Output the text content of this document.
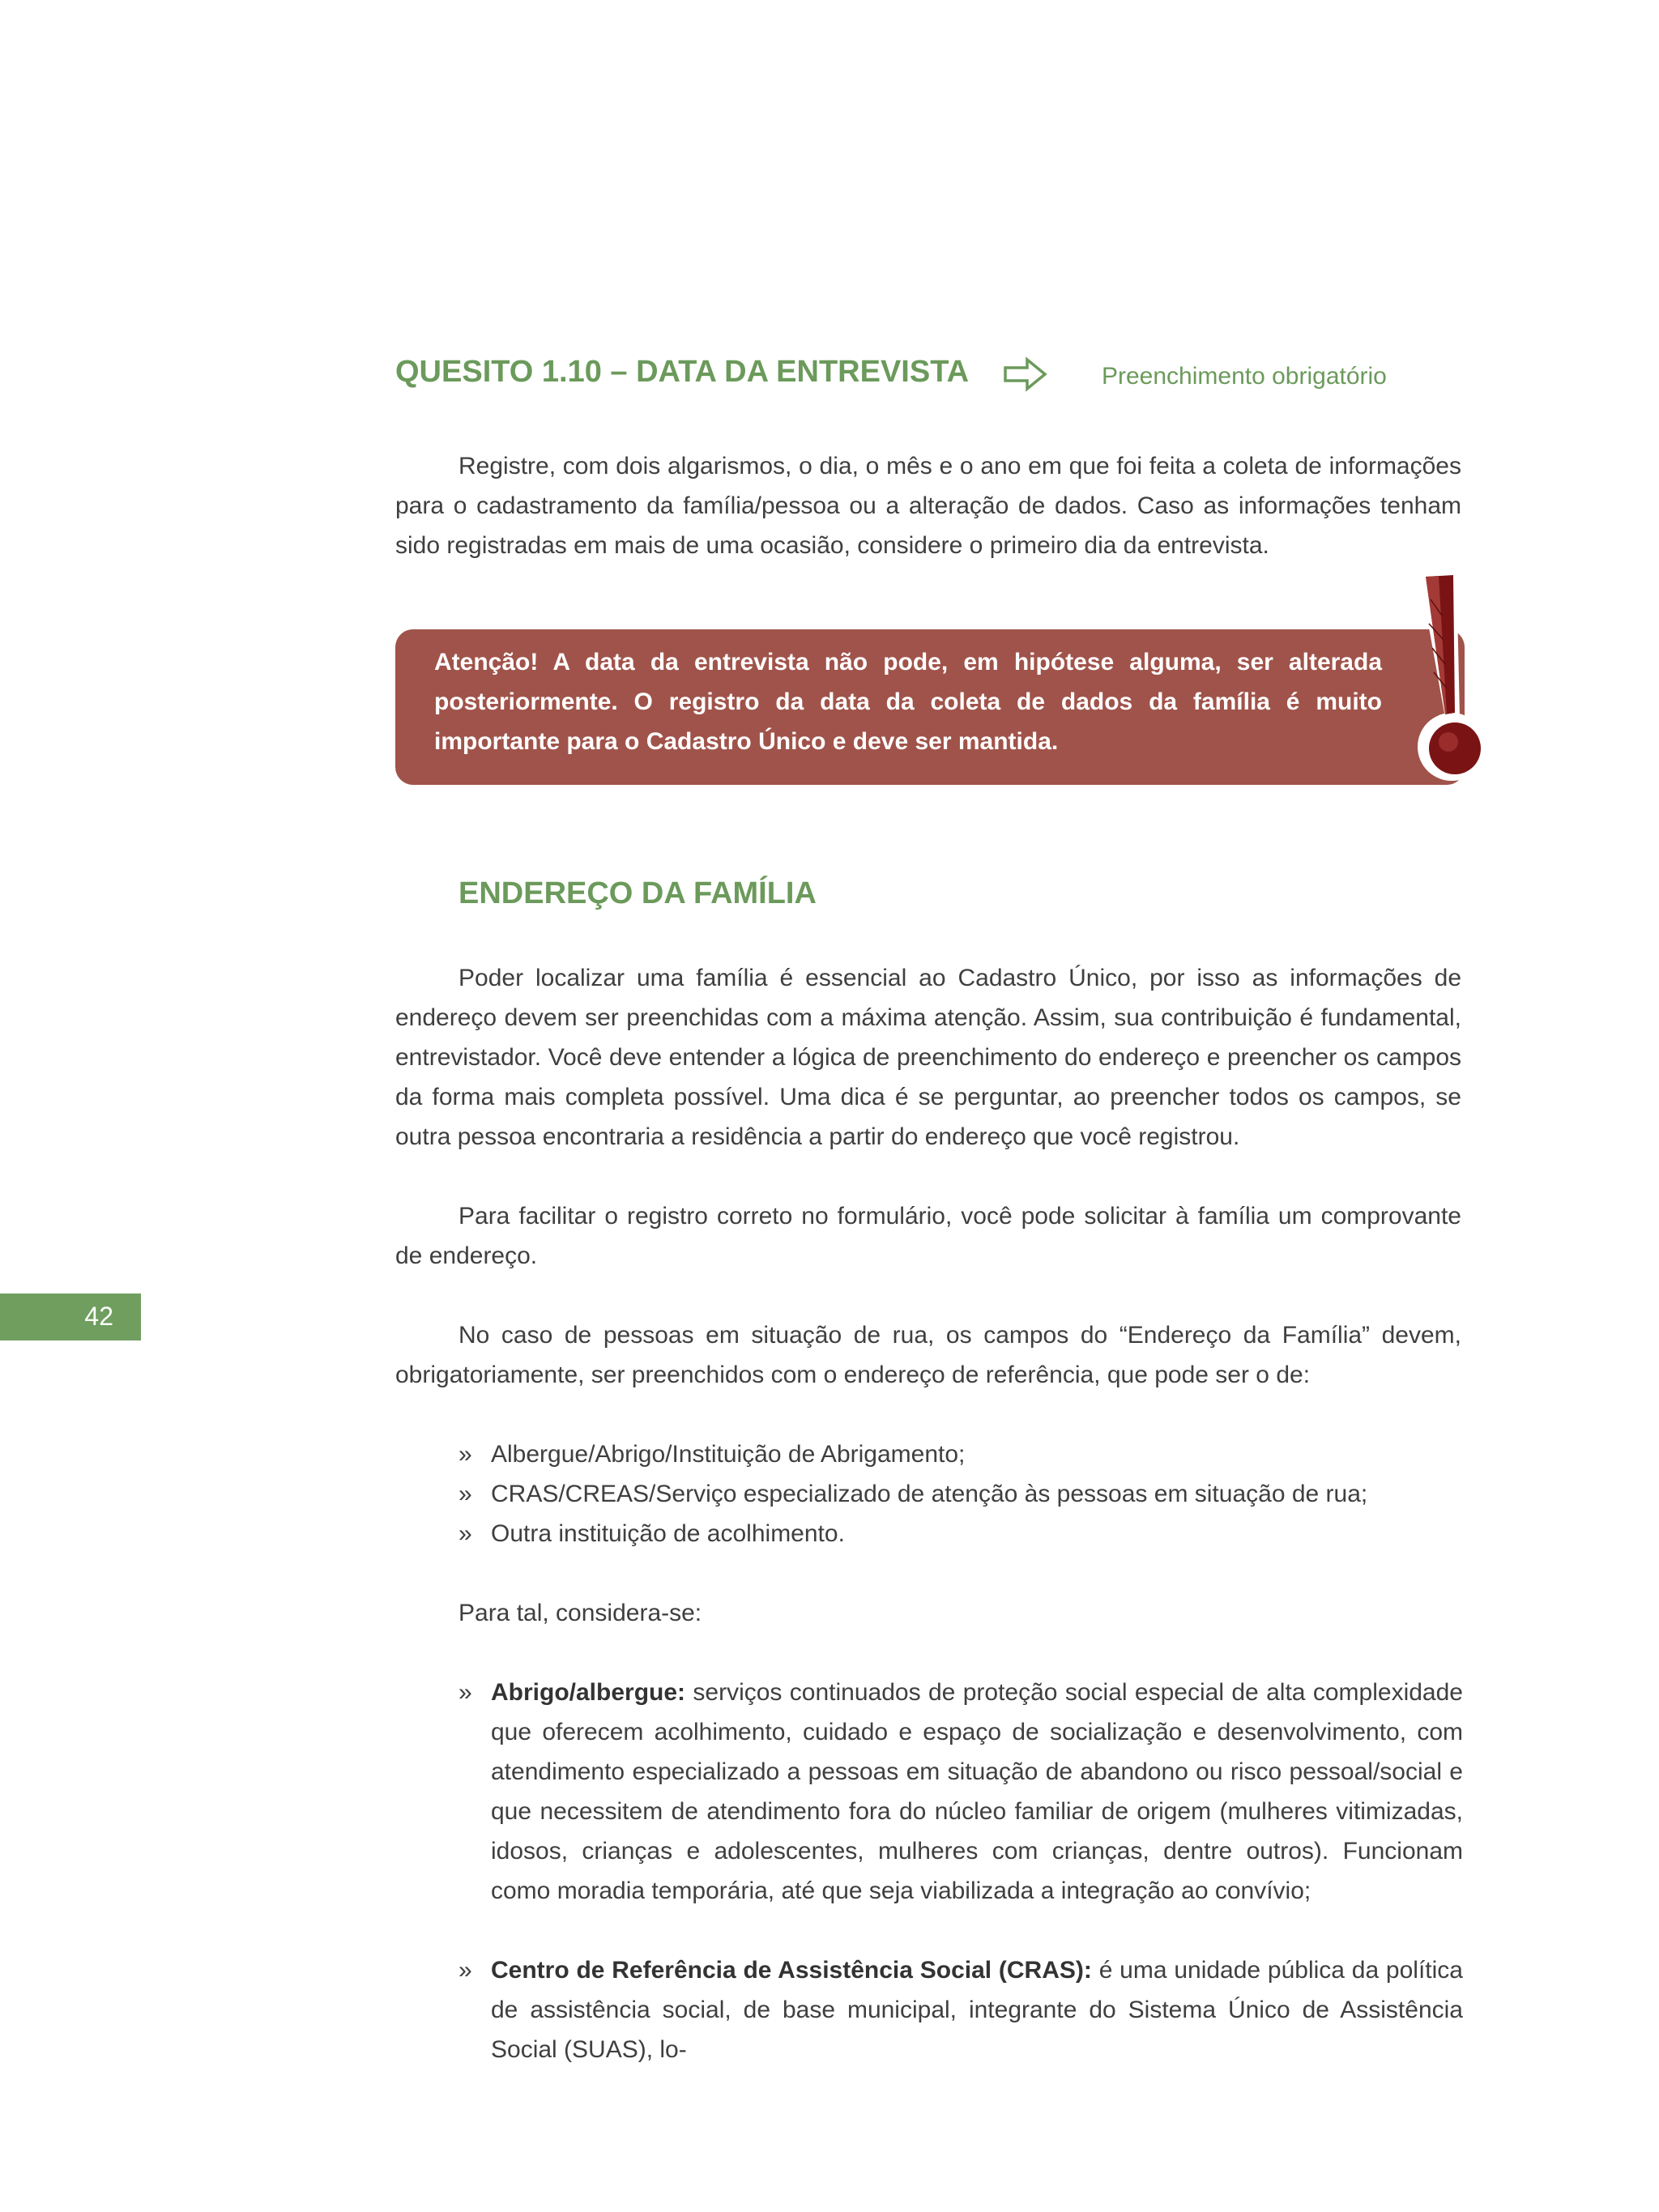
QUESITO 1.10 – DATA DA ENTREVISTA	Preenchimento obrigatório

Registre, com dois algarismos, o dia, o mês e o ano em que foi feita a coleta de informações para o cadastramento da família/pessoa ou a alteração de dados. Caso as informações tenham sido registradas em mais de uma ocasião, considere o primeiro dia da entrevista.

Atenção! A data da entrevista não pode, em hipótese alguma, ser alterada posteriormente. O registro da data da coleta de dados da família é muito importante para o Cadastro Único e deve ser mantida.

ENDEREÇO DA FAMÍLIA

Poder localizar uma família é essencial ao Cadastro Único, por isso as informações de endereço devem ser preenchidas com a máxima atenção. Assim, sua contribuição é fundamental, entrevistador. Você deve entender a lógica de preenchimento do endereço e preencher os campos da forma mais completa possível. Uma dica é se perguntar, ao preencher todos os campos, se outra pessoa encontraria a residência a partir do endereço que você registrou.

Para facilitar o registro correto no formulário, você pode solicitar à família um comprovante de endereço.

42

No caso de pessoas em situação de rua, os campos do “Endereço da Família” devem, obrigatoriamente, ser preenchidos com o endereço de referência, que pode ser o de:

» Albergue/Abrigo/Instituição de Abrigamento;
» CRAS/CREAS/Serviço especializado de atenção às pessoas em situação de rua;
» Outra instituição de acolhimento.

Para tal, considera-se:

» Abrigo/albergue: serviços continuados de proteção social especial de alta complexidade que oferecem acolhimento, cuidado e espaço de socialização e desenvolvimento, com atendimento especializado a pessoas em situação de abandono ou risco pessoal/social e que necessitem de atendimento fora do núcleo familiar de origem (mulheres vitimizadas, idosos, crianças e adolescentes, mulheres com crianças, dentre outros). Funcionam como moradia temporária, até que seja viabilizada a integração ao convívio;
» Centro de Referência de Assistência Social (CRAS): é uma unidade pública da política de assistência social, de base municipal, integrante do Sistema Único de Assistência Social (SUAS), lo-
